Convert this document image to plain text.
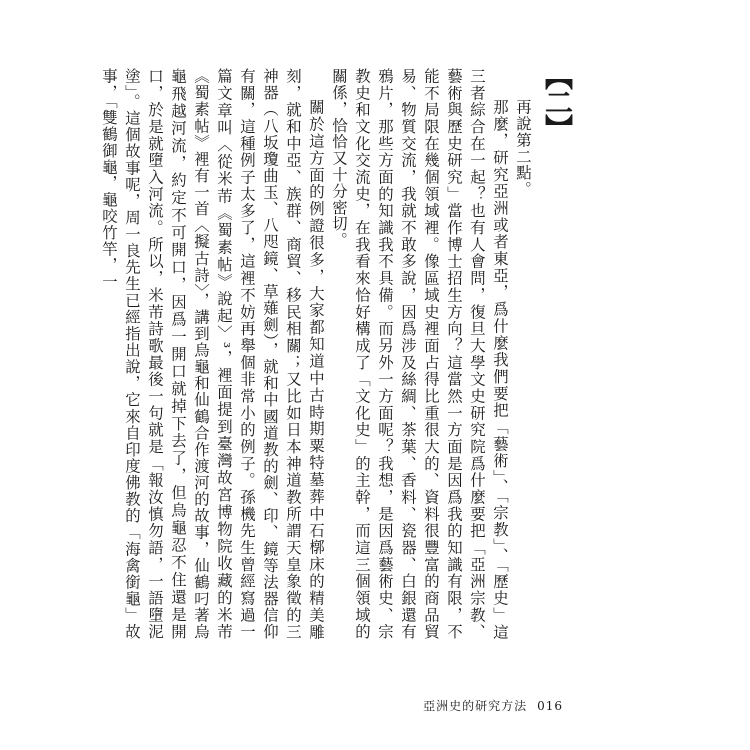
【二】

再說第二點。

那麼，研究亞洲或者東亞，爲什麼我們要把「藝術」、「宗教」、「歷史」這三者綜合在一起？也有人會問，復旦大學文史研究院爲什麼要把「亞洲宗教、藝術與歷史研究」當作博士招生方向？這當然一方面是因爲我的知識有限，不能不局限在幾個領域裡。像區域史裡面占得比重很大的、資料很豐富的商品貿易、物質交流，我就不敢多說，因爲涉及絲綢、茶葉、香料、瓷器、白銀還有鴉片，那些方面的知識我不具備。而另外一方面呢？我想，是因爲藝術史、宗教史和文化交流史，在我看來恰好構成了「文化史」的主幹，而這三個領域的關係，恰恰又十分密切。

關於這方面的例證很多，大家都知道中古時期粟特墓葬中石槨床的精美雕刻，就和中亞、族群、商貿、移民相關；又比如日本神道教所謂天皇象徵的三神器（八坂瓊曲玉、八咫鏡、草薙劍），就和中國道教的劍、印、鏡等法器信仰有關，這種例子太多了，這裡不妨再舉個非常小的例子。孫機先生曾經寫過一篇文章叫〈從米芾《蜀素帖》說起〉³，裡面提到臺灣故宮博物院收藏的米芾《蜀素帖》裡有一首〈擬古詩〉，講到烏龜和仙鶴合作渡河的故事，仙鶴叼著烏龜飛越河流，約定不可開口，因爲一開口就掉下去了，但烏龜忍不住還是開口，於是就墮入河流。所以，米芾詩歌最後一句就是「報汝慎勿語，一語墮泥塗」。這個故事呢，周一良先生已經指出說，它來自印度佛教的「海禽銜龜」故事，「雙鶴御龜，龜咬竹竿，一

亞洲史的研究方法 016
